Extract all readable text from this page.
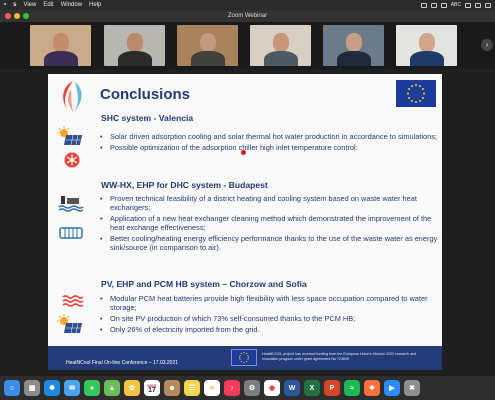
• s View Edit Window Help	ABC
Zoom Webinar
›
Conclusions
SHC system - Valencia
• Solar driven adsorption cooling and solar thermal hot water production in accordance to simulations;
• Possible optimization of the adsorption chiller high inlet temperature control.
WW-HX, EHP for DHC system - Budapest
• Proven technical feasibility of a district heating and cooling system based on waste water heat exchangers;
• Application of a new heat exchanger cleaning method which demonstrated the improvement of the heat exchange effectiveness;
• Better cooling/heating energy efficiency performance thanks to the use of the waste water as energy sink/source (in comparison to air).
PV, EHP and PCM HB system – Chorzow and Sofia
• Modular PCM heat batteries provide high flexibility with less space occupation compared to water storage;
• On site PV production of which 73% self-consumed thanks to the PCM HB;
• Only 26% of electricity imported from the grid.
HeatNCool Final On-line Conference – 17.03.2021
HeatNCOOL project has received funding from the European Union's Horizon 2020 research and innovation program under grant agreement No 723649
☺	▦	✹	✉	●	▲	✿	MAR
17	☻	☰	≡	♪	⚙	◉	W	X	P	≈	❖	▶	✖
